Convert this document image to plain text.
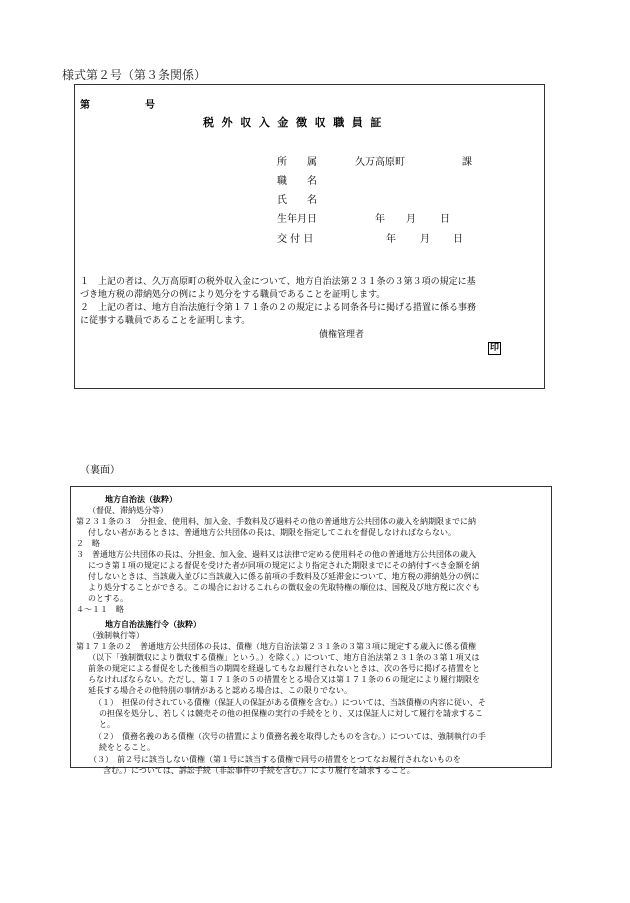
様式第２号（第３条関係）
第	号
税外収入金徴収職員証
所　　属	久万高原町	課
職　　名
氏　　名
生年月日	年 月 日
交 付 日	年 月 日
１　上記の者は、久万高原町の税外収入金について、地方自治法第２３１条の３第３項の規定に基
づき地方税の滞納処分の例により処分をする職員であることを証明します。
２　上記の者は、地方自治法施行令第１７１条の２の規定による同条各号に掲げる措置に係る事務
に従事する職員であることを証明します。
債権管理者
印
（裏面）
地方自治法（抜粋）
（督促、滞納処分等）
第２３１条の３　分担金、使用料、加入金、手数料及び過料その他の普通地方公共団体の歳入を納期限までに納
付しない者があるときは、普通地方公共団体の長は、期限を指定してこれを督促しなければならない。
２　略
３　普通地方公共団体の長は、分担金、加入金、過料又は法律で定める使用料その他の普通地方公共団体の歳入
につき第１項の規定による督促を受けた者が同項の規定により指定された期限までにその納付すべき金額を納
付しないときは、当該歳入並びに当該歳入に係る前項の手数料及び延滞金について、地方税の滞納処分の例に
より処分することができる。この場合におけるこれらの徴収金の先取特権の順位は、国税及び地方税に次ぐも
のとする。
４～１１　略
地方自治法施行令（抜粋）
（強制執行等）
第１７１条の２　普通地方公共団体の長は、債権（地方自治法第２３１条の３第３項に規定する歳入に係る債権
（以下「強制徴収により徴収する債権」という。）を除く。）について、地方自治法第２３１条の３第１項又は
前条の規定による督促をした後相当の期間を経過してもなお履行されないときは、次の各号に掲げる措置をと
らなければならない。ただし、第１７１条の５の措置をとる場合又は第１７１条の６の規定により履行期限を
延長する場合その他特別の事情があると認める場合は、この限りでない。
（１）　担保の付されている債権（保証人の保証がある債権を含む。）については、当該債権の内容に従い、そ
の担保を処分し、若しくは競売その他の担保権の実行の手続をとり、又は保証人に対して履行を請求するこ
と。
（２）　債務名義のある債権（次号の措置により債務名義を取得したものを含む。）については、強制執行の手
続をとること。
（３）　前２号に該当しない債権（第１号に該当する債権で同号の措置をとつてなお履行されないものを
含む。）については、訴訟手続（非訟事件の手続を含む。）により履行を請求すること。
